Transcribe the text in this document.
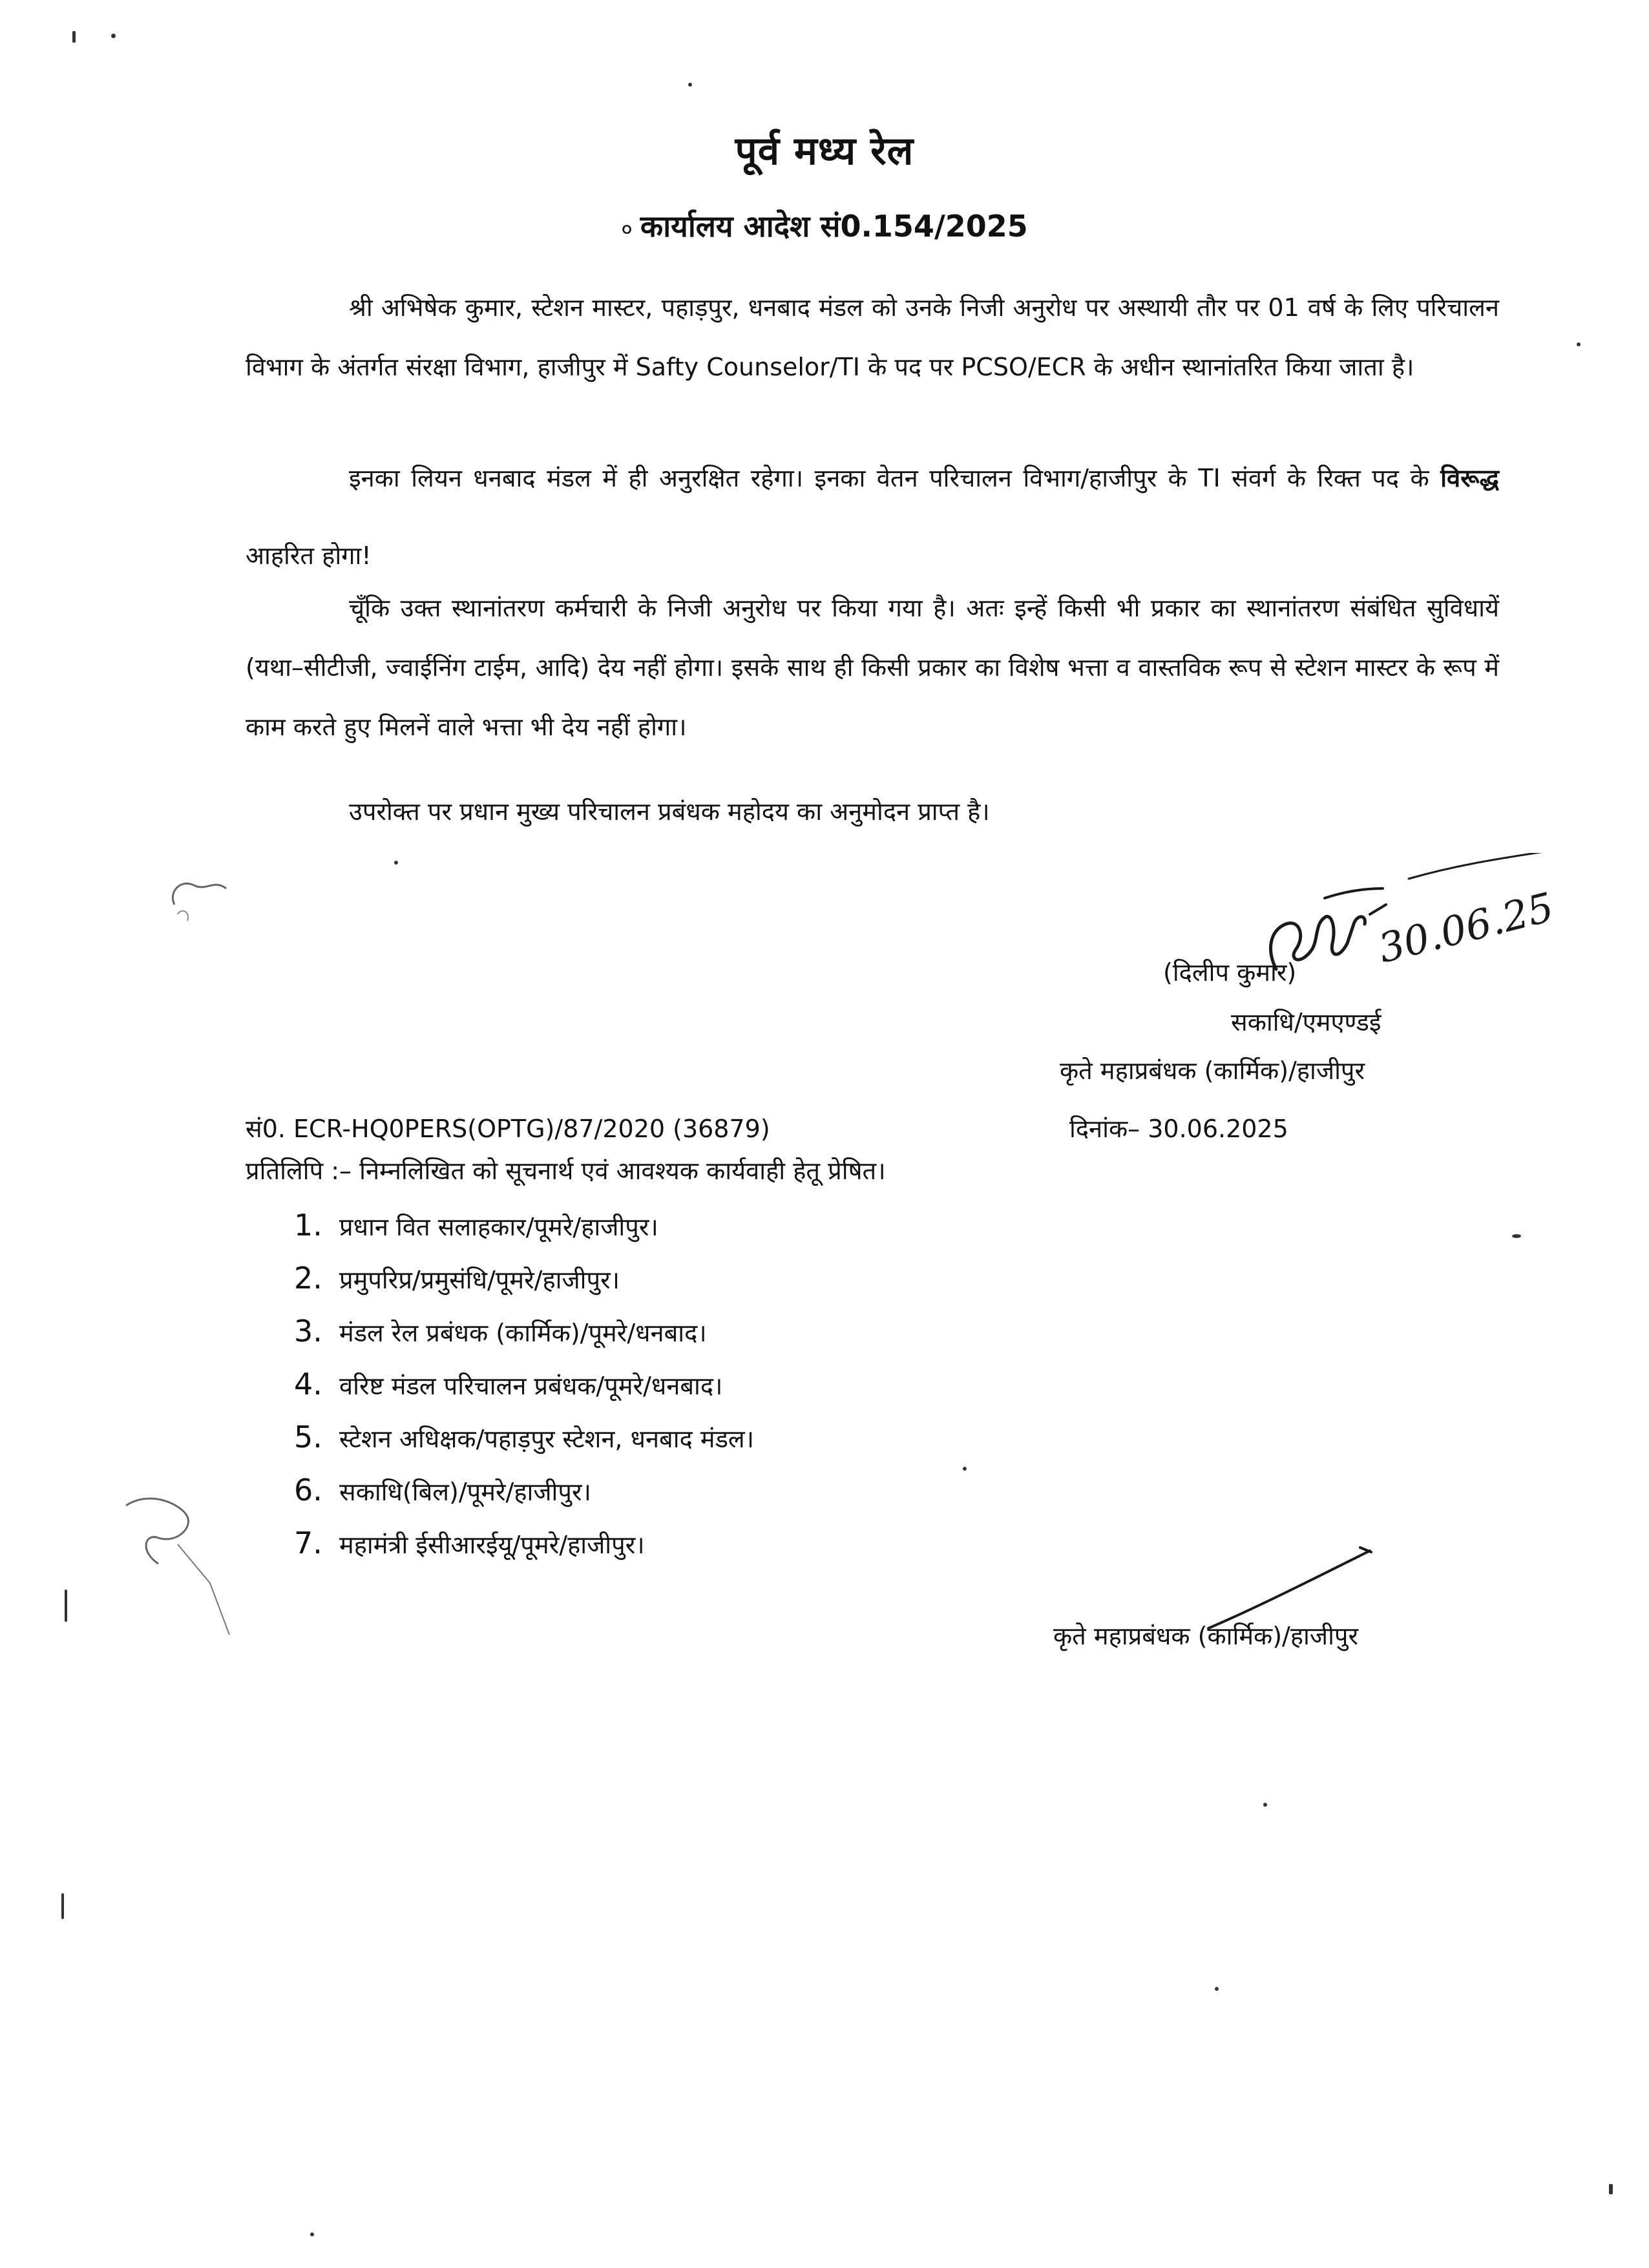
पूर्व मध्य रेल
० कार्यालय आदेश सं0.154/2025

श्री अभिषेक कुमार, स्टेशन मास्टर, पहाड़पुर, धनबाद मंडल को उनके निजी अनुरोध पर अस्थायी तौर पर 01 वर्ष के लिए परिचालन विभाग के अंतर्गत संरक्षा विभाग, हाजीपुर में Safty Counselor/TI के पद पर PCSO/ECR के अधीन स्थानांतरित किया जाता है।

इनका लियन धनबाद मंडल में ही अनुरक्षित रहेगा। इनका वेतन परिचालन विभाग/हाजीपुर के TI संवर्ग के रिक्त पद के विरूद्ध आहरित होगा!

चूँकि उक्त स्थानांतरण कर्मचारी के निजी अनुरोध पर किया गया है। अतः इन्हें किसी भी प्रकार का स्थानांतरण संबंधित सुविधायें (यथा–सीटीजी, ज्वाईनिंग टाईम, आदि) देय नहीं होगा। इसके साथ ही किसी प्रकार का विशेष भत्ता व वास्तविक रूप से स्टेशन मास्टर के रूप में काम करते हुए मिलनें वाले भत्ता भी देय नहीं होगा।

उपरोक्त पर प्रधान मुख्य परिचालन प्रबंधक महोदय का अनुमोदन प्राप्त है।

30.06.25
(दिलीप कुमार)
सकाधि/एमएण्डई
कृते महाप्रबंधक (कार्मिक)/हाजीपुर
सं0. ECR-HQ0PERS(OPTG)/87/2020 (36879)	दिनांक– 30.06.2025
प्रतिलिपि :– निम्नलिखित को सूचनार्थ एवं आवश्यक कार्यवाही हेतू प्रेषित।
1. प्रधान वित सलाहकार/पूमरे/हाजीपुर।
2. प्रमुपरिप्र/प्रमुसंधि/पूमरे/हाजीपुर।
3. मंडल रेल प्रबंधक (कार्मिक)/पूमरे/धनबाद।
4. वरिष्ट मंडल परिचालन प्रबंधक/पूमरे/धनबाद।
5. स्टेशन अधिक्षक/पहाड़पुर स्टेशन, धनबाद मंडल।
6. सकाधि(बिल)/पूमरे/हाजीपुर।
7. महामंत्री ईसीआरईयू/पूमरे/हाजीपुर।
कृते महाप्रबंधक (कार्मिक)/हाजीपुर
